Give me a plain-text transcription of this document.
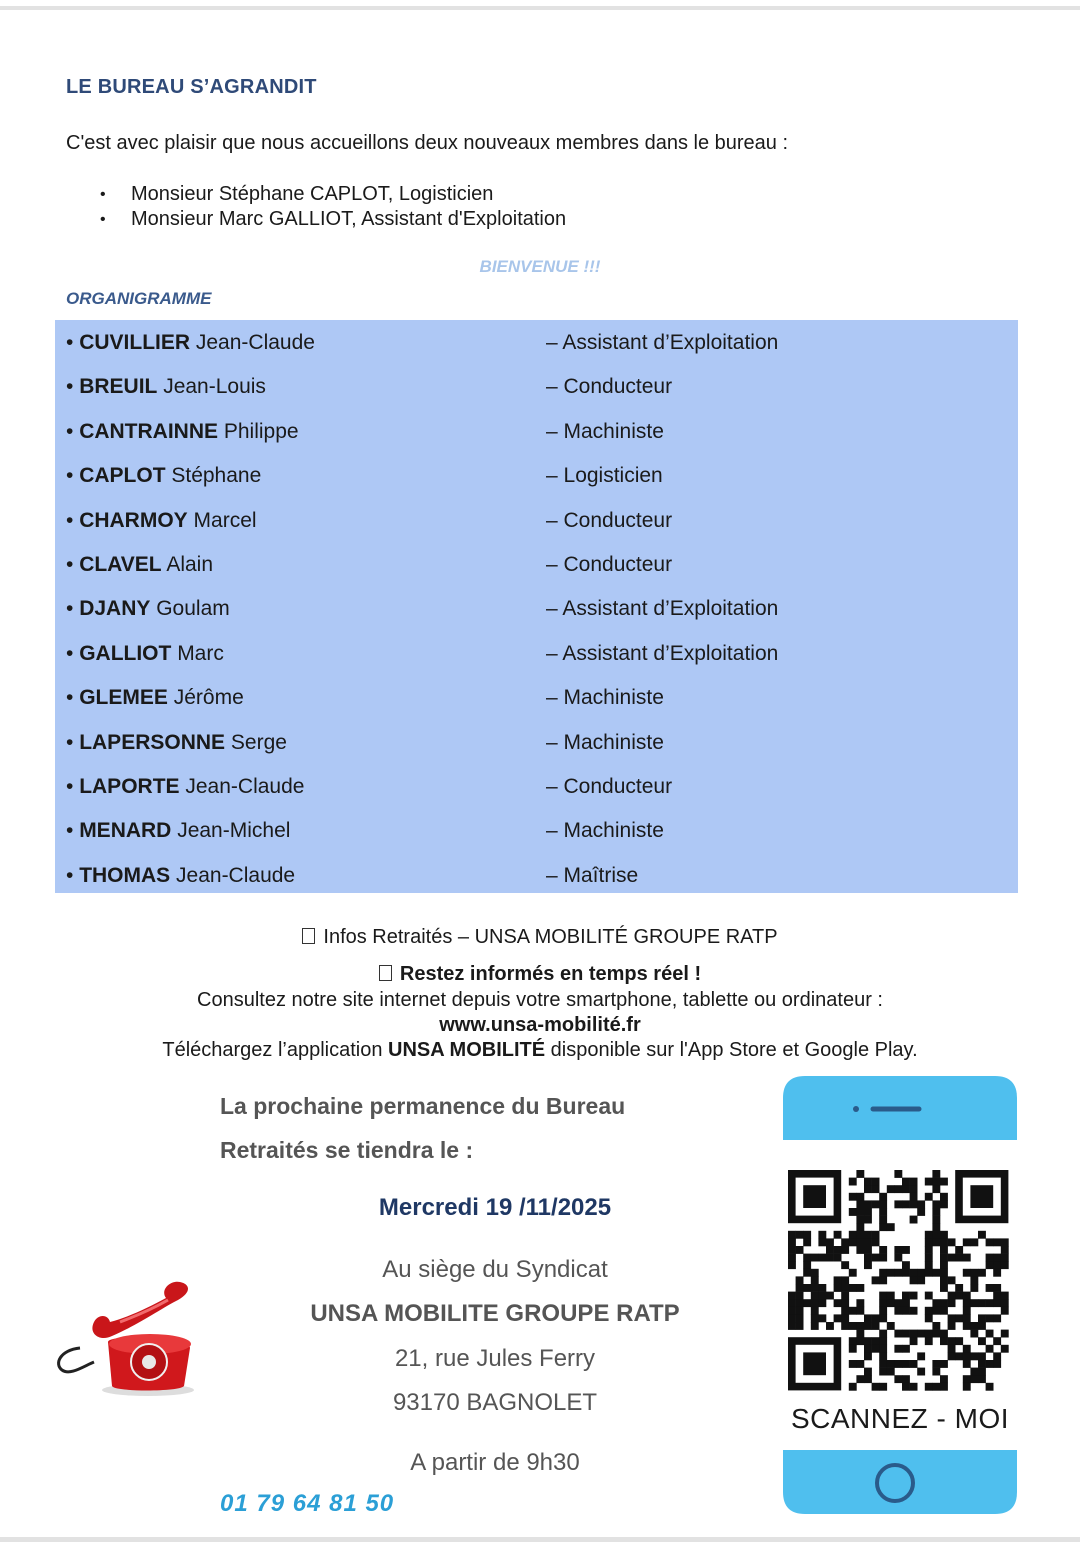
LE BUREAU S’AGRANDIT
C'est avec plaisir que nous accueillons deux nouveaux membres dans le bureau :
• Monsieur Stéphane CAPLOT, Logisticien
• Monsieur Marc GALLIOT, Assistant d'Exploitation
BIENVENUE !!!
ORGANIGRAMME
• CUVILLIER Jean-Claude	– Assistant d’Exploitation
• BREUIL Jean-Louis	– Conducteur
• CANTRAINNE Philippe	– Machiniste
• CAPLOT Stéphane	– Logisticien
• CHARMOY Marcel	– Conducteur
• CLAVEL Alain	– Conducteur
• DJANY Goulam	– Assistant d’Exploitation
• GALLIOT Marc	– Assistant d’Exploitation
• GLEMEE Jérôme	– Machiniste
• LAPERSONNE Serge	– Machiniste
• LAPORTE Jean-Claude	– Conducteur
• MENARD Jean-Michel	– Machiniste
• THOMAS Jean-Claude	– Maîtrise
Infos Retraités – UNSA MOBILITÉ GROUPE RATP
Restez informés en temps réel !
Consultez notre site internet depuis votre smartphone, tablette ou ordinateur :
www.unsa-mobilité.fr
Téléchargez l’application UNSA MOBILITÉ disponible sur l'App Store et Google Play.
La prochaine permanence du Bureau
Retraités se tiendra le :
Mercredi 19 /11/2025
Au siège du Syndicat
UNSA MOBILITE GROUPE RATP
21, rue Jules Ferry
93170 BAGNOLET
A partir de 9h30
01 79 64 81 50
SCANNEZ - MOI
